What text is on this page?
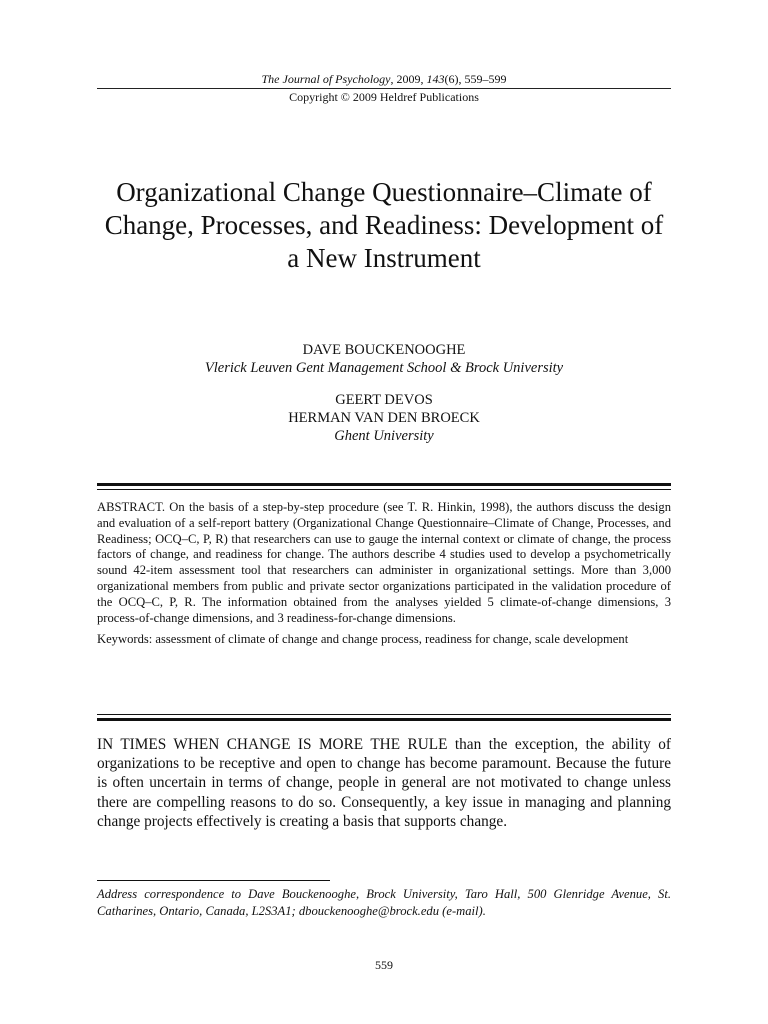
The Journal of Psychology, 2009, 143(6), 559–599
Copyright © 2009 Heldref Publications
Organizational Change Questionnaire–Climate of Change, Processes, and Readiness: Development of a New Instrument
DAVE BOUCKENOOGHE
Vlerick Leuven Gent Management School & Brock University
GEERT DEVOS
HERMAN VAN DEN BROECK
Ghent University

ABSTRACT. On the basis of a step-by-step procedure (see T. R. Hinkin, 1998), the authors discuss the design and evaluation of a self-report battery (Organizational Change Questionnaire–Climate of Change, Processes, and Readiness; OCQ–C, P, R) that researchers can use to gauge the internal context or climate of change, the process factors of change, and readiness for change. The authors describe 4 studies used to develop a psychometrically sound 42-item assessment tool that researchers can administer in organizational settings. More than 3,000 organizational members from public and private sector organizations participated in the validation procedure of the OCQ–C, P, R. The information obtained from the analyses yielded 5 climate-of-change dimensions, 3 process-of-change dimensions, and 3 readiness-for-change dimensions.

Keywords: assessment of climate of change and change process, readiness for change, scale development

IN TIMES WHEN CHANGE IS MORE THE RULE than the exception, the ability of organizations to be receptive and open to change has become paramount. Because the future is often uncertain in terms of change, people in general are not motivated to change unless there are compelling reasons to do so. Consequently, a key issue in managing and planning change projects effectively is creating a basis that supports change.

Address correspondence to Dave Bouckenooghe, Brock University, Taro Hall, 500 Glenridge Avenue, St. Catharines, Ontario, Canada, L2S3A1; dbouckenooghe@brock.edu (e-mail).
559
